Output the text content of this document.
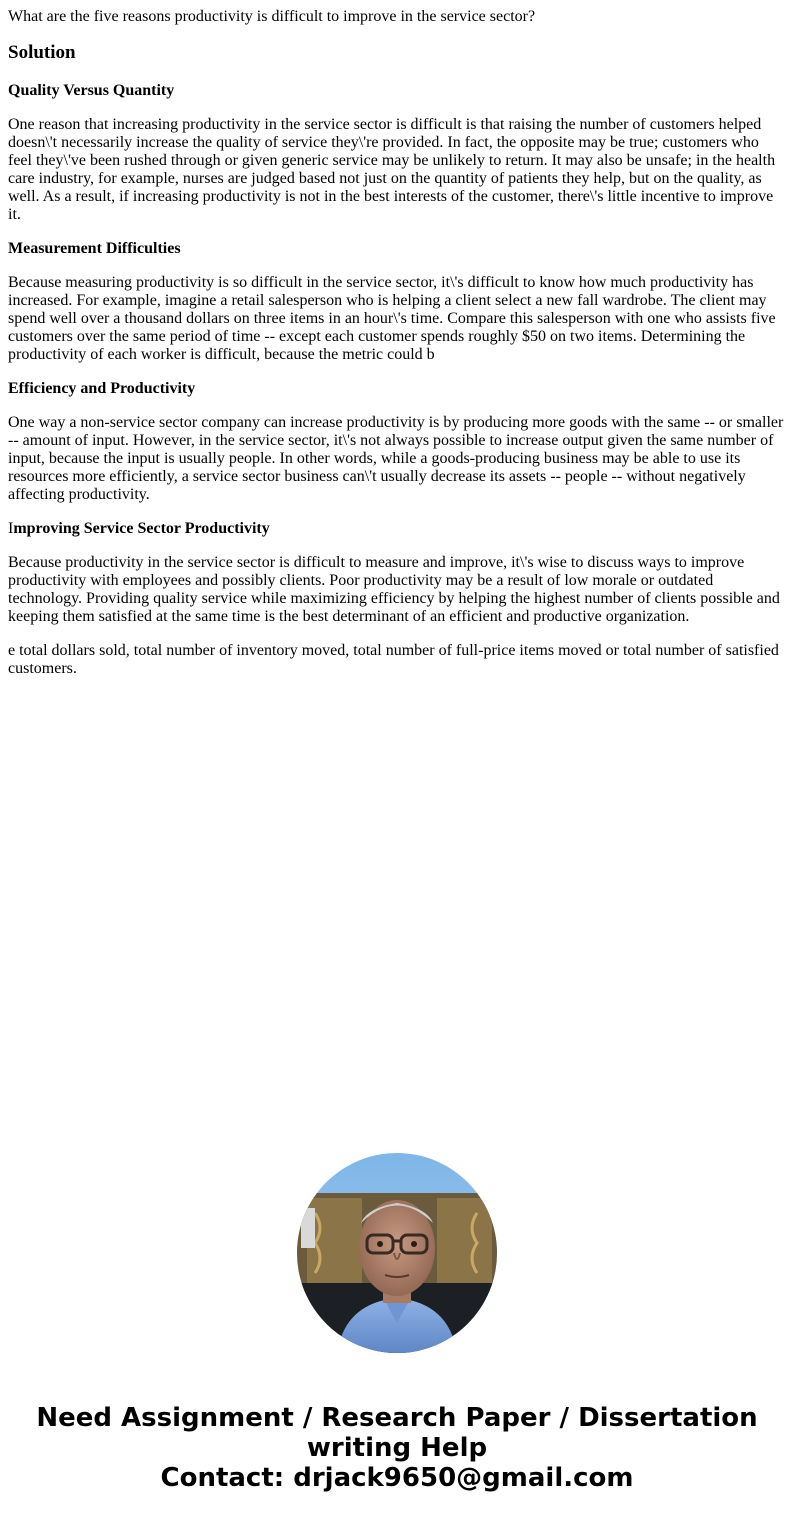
What are the five reasons productivity is difficult to improve in the service sector?
Solution
Quality Versus Quantity

One reason that increasing productivity in the service sector is difficult is that raising the number of customers helped doesn\'t necessarily increase the quality of service they\'re provided. In fact, the opposite may be true; customers who feel they\'ve been rushed through or given generic service may be unlikely to return. It may also be unsafe; in the health care industry, for example, nurses are judged based not just on the quantity of patients they help, but on the quality, as well. As a result, if increasing productivity is not in the best interests of the customer, there\'s little incentive to improve it.

Measurement Difficulties

Because measuring productivity is so difficult in the service sector, it\'s difficult to know how much productivity has increased. For example, imagine a retail salesperson who is helping a client select a new fall wardrobe. The client may spend well over a thousand dollars on three items in an hour\'s time. Compare this salesperson with one who assists five customers over the same period of time -- except each customer spends roughly $50 on two items. Determining the productivity of each worker is difficult, because the metric could b

Efficiency and Productivity

One way a non-service sector company can increase productivity is by producing more goods with the same -- or smaller -- amount of input. However, in the service sector, it\'s not always possible to increase output given the same number of input, because the input is usually people. In other words, while a goods-producing business may be able to use its resources more efficiently, a service sector business can\'t usually decrease its assets -- people -- without negatively affecting productivity.

Improving Service Sector Productivity

Because productivity in the service sector is difficult to measure and improve, it\'s wise to discuss ways to improve productivity with employees and possibly clients. Poor productivity may be a result of low morale or outdated technology. Providing quality service while maximizing efficiency by helping the highest number of clients possible and keeping them satisfied at the same time is the best determinant of an efficient and productive organization.

e total dollars sold, total number of inventory moved, total number of full-price items moved or total number of satisfied customers.

Need Assignment / Research Paper / Dissertation
writing Help
Contact: drjack9650@gmail.com
